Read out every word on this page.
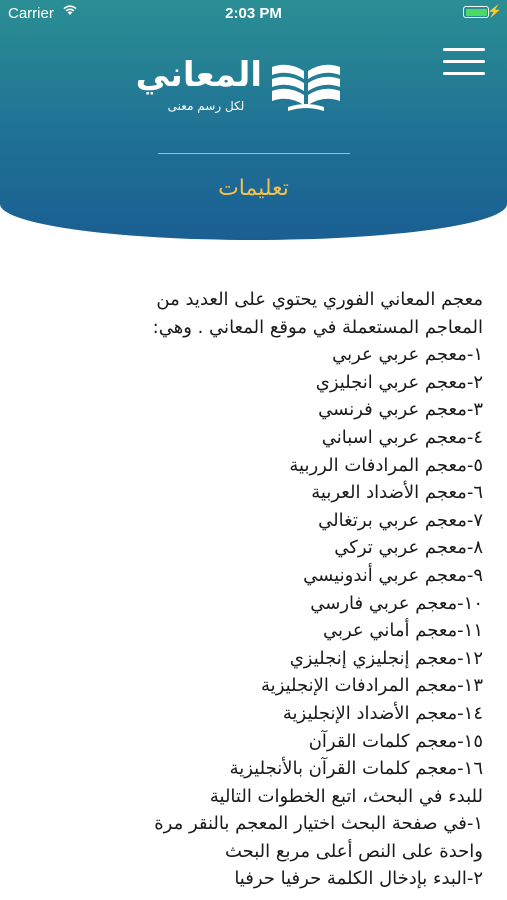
Carrier	2:03 PM	⚡
المعاني
لكل رسم معنى
تعليمات
معجم المعاني الفوري يحتوي على العديد من
المعاجم المستعملة في موقع المعاني . وهي:
١-معجم عربي عربي
٢-معجم عربي انجليزي
٣-معجم عربي فرنسي
٤-معجم عربي اسباني
٥-معجم المرادفات الرربية
٦-معجم الأضداد العربية
٧-معجم عربي برتغالي
٨-معجم عربي تركي
٩-معجم عربي أندونيسي
١٠-معجم عربي فارسي
١١-معجم أماني عربي
١٢-معجم إنجليزي إنجليزي
١٣-معجم المرادفات الإنجليزية
١٤-معجم الأضداد الإنجليزية
١٥-معجم كلمات القرآن
١٦-معجم كلمات القرآن بالأنجليزية
للبدء في البحث، اتبع الخطوات التالية
١-في صفحة البحث اختيار المعجم بالنقر مرة
واحدة على النص أعلى مربع البحث
٢-البدء بإدخال الكلمة حرفيا حرفيا
